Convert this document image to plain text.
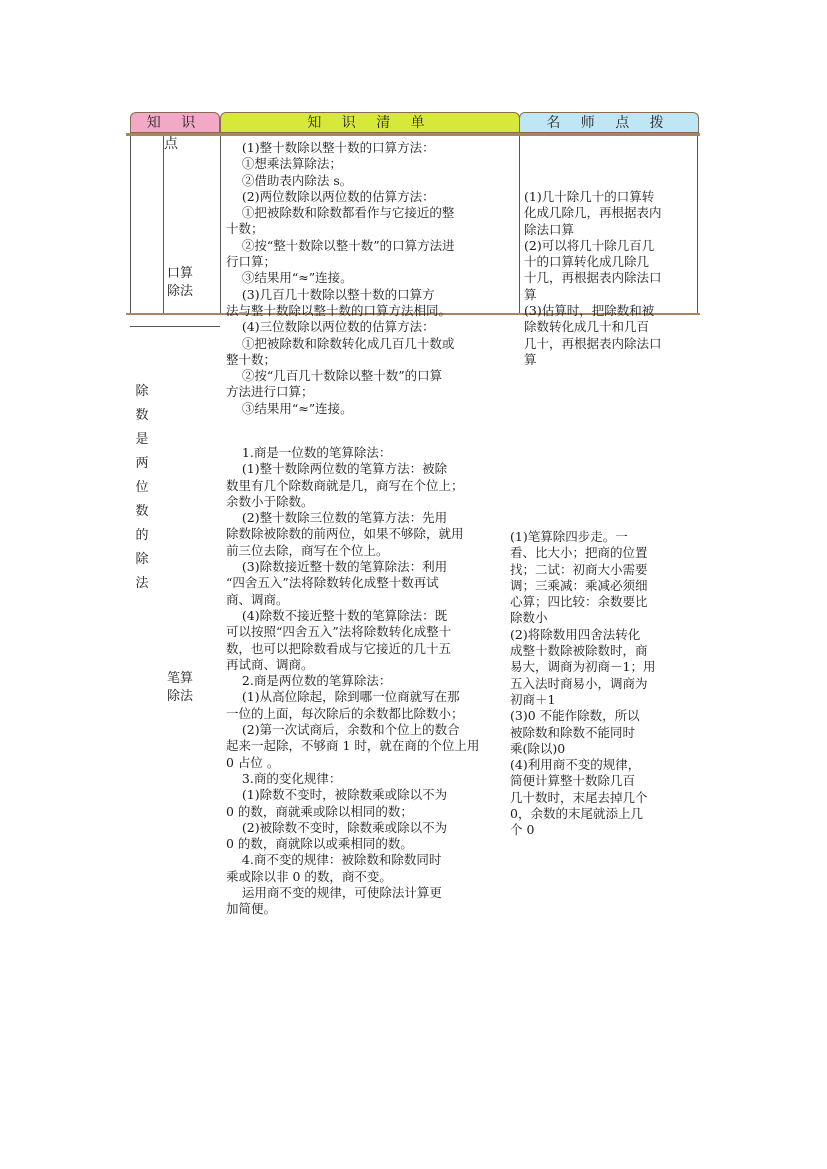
知 识 点
知 识 清 单	名 师 点 拨
除
数
是
两
位
数
的
除
法
口算
除法
(1)整十数除以整十数的口算方法：
①想乘法算除法；
②借助表内除法 s。
(2)两位数除以两位数的估算方法：
①把被除数和除数都看作与它接近的整
十数；
②按“整十数除以整十数”的口算方法进
行口算；
③结果用“≈”连接。
(3)几百几十数除以整十数的口算方
法与整十数除以整十数的口算方法相同。
(4)三位数除以两位数的估算方法：
①把被除数和除数转化成几百几十数或
整十数；
②按“几百几十数除以整十数”的口算
方法进行口算；
③结果用“≈”连接。
(1)几十除几十的口算转
化成几除几，再根据表内
除法口算
(2)可以将几十除几百几
十的口算转化成几除几
十几，再根据表内除法口
算
(3)估算时，把除数和被
除数转化成几十和几百
几十，再根据表内除法口
算
笔算
除法
1.商是一位数的笔算除法：
(1)整十数除两位数的笔算方法：被除
数里有几个除数商就是几，商写在个位上；
余数小于除数。
(2)整十数除三位数的笔算方法：先用
除数除被除数的前两位，如果不够除，就用
前三位去除，商写在个位上。
(3)除数接近整十数的笔算除法：利用
“四舍五入”法将除数转化成整十数再试
商、调商。
(4)除数不接近整十数的笔算除法：既
可以按照“四舍五入”法将除数转化成整十
数，也可以把除数看成与它接近的几十五
再试商、调商。
2.商是两位数的笔算除法：
(1)从高位除起，除到哪一位商就写在那
一位的上面，每次除后的余数都比除数小；
(2)第一次试商后，余数和个位上的数合
起来一起除，不够商 1 时，就在商的个位上用
0 占位 。
3.商的变化规律：
(1)除数不变时，被除数乘或除以不为
0 的数，商就乘或除以相同的数；
(2)被除数不变时，除数乘或除以不为
0 的数，商就除以或乘相同的数。
4.商不变的规律：被除数和除数同时
乘或除以非 0 的数，商不变。
运用商不变的规律，可使除法计算更
加简便。
(1)笔算除四步走。一
看、比大小；把商的位置
找；二试：初商大小需要
调；三乘减：乘减必须细
心算；四比较：余数要比
除数小
(2)将除数用四舍法转化
成整十数除被除数时，商
易大，调商为初商－1；用
五入法时商易小，调商为
初商＋1
(3)0 不能作除数，所以
被除数和除数不能同时
乘(除以)0
(4)利用商不变的规律，
简便计算整十数除几百
几十数时，末尾去掉几个
0，余数的末尾就添上几
个 0
